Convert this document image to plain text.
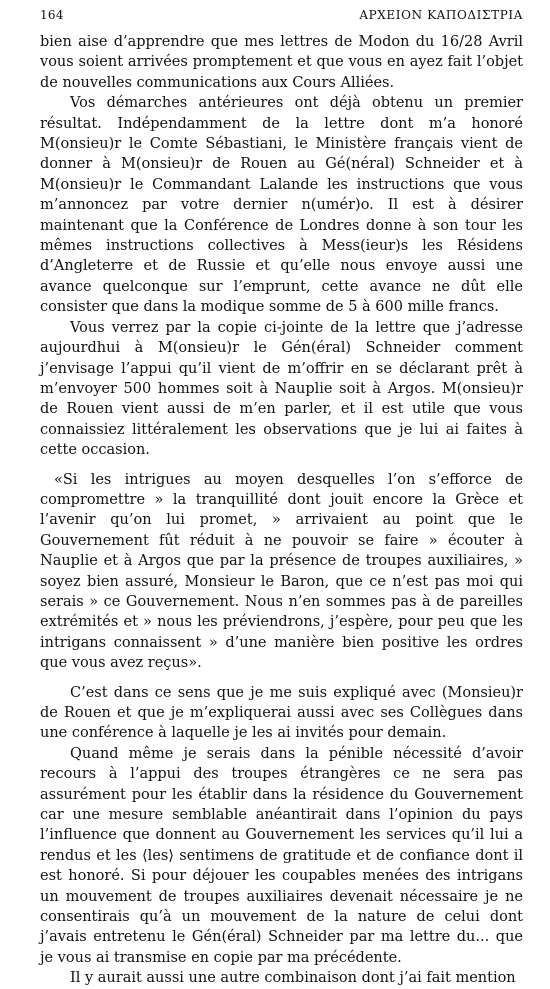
164	ΑΡΧΕΙΟΝ ΚΑΠΟΔΙΣΤΡΙΑ

bien aise d’apprendre que mes lettres de Modon du 16/28 Avril vous soient arrivées promptement et que vous en ayez fait l’objet de nouvelles communications aux Cours Alliées.

Vos démarches antérieures ont déjà obtenu un premier résultat. Indépendamment de la lettre dont m’a honoré M(onsieu)r le Comte Sébastiani, le Ministère français vient de donner à M(onsieu)r de Rouen au Gé(néral) Schneider et à M(onsieu)r le Commandant Lalande les instructions que vous m’annoncez par votre dernier n(umér)o. Il est à désirer maintenant que la Conférence de Londres donne à son tour les mêmes instructions collectives à Mess(ieur)s les Résidens d’Angleterre et de Russie et qu’elle nous envoye aussi une avance quelconque sur l’emprunt, cette avance ne dût elle consister que dans la modique somme de 5 à 600 mille francs.

Vous verrez par la copie ci-jointe de la lettre que j’adresse aujourdhui à M(onsieu)r le Gén(éral) Schneider comment j’envisage l’appui qu’il vient de m’offrir en se déclarant prêt à m’envoyer 500 hommes soit à Nauplie soit à Argos. M(onsieu)r de Rouen vient aussi de m’en parler, et il est utile que vous connaissiez littéralement les observations que je lui ai faites à cette occasion.

«Si les intrigues au moyen desquelles l’on s’efforce de compromettre » la tranquillité dont jouit encore la Grèce et l’avenir qu’on lui promet, » arrivaient au point que le Gouvernement fût réduit à ne pouvoir se faire » écouter à Nauplie et à Argos que par la présence de troupes auxiliaires, » soyez bien assuré, Monsieur le Baron, que ce n’est pas moi qui serais » ce Gouvernement. Nous n’en sommes pas à de pareilles extrémités et » nous les préviendrons, j’espère, pour peu que les intrigans connaissent » d’une manière bien positive les ordres que vous avez reçus».

C’est dans ce sens que je me suis expliqué avec (Monsieu)r de Rouen et que je m’expliquerai aussi avec ses Collègues dans une conférence à laquelle je les ai invités pour demain.

Quand même je serais dans la pénible nécessité d’avoir recours à l’appui des troupes étrangères ce ne sera pas assurément pour les établir dans la résidence du Gouvernement car une mesure semblable anéantirait dans l’opinion du pays l’influence que donnent au Gouvernement les services qu’il lui a rendus et les ⟨les⟩ sentimens de gratitude et de confiance dont il est honoré. Si pour déjouer les coupables menées des intrigans un mouvement de troupes auxiliaires devenait nécessaire je ne consentirais qu’à un mouvement de la nature de celui dont j’avais entretenu le Gén(éral) Schneider par ma lettre du... que je vous ai transmise en copie par ma précédente.

Il y aurait aussi une autre combinaison dont j’ai fait mention
